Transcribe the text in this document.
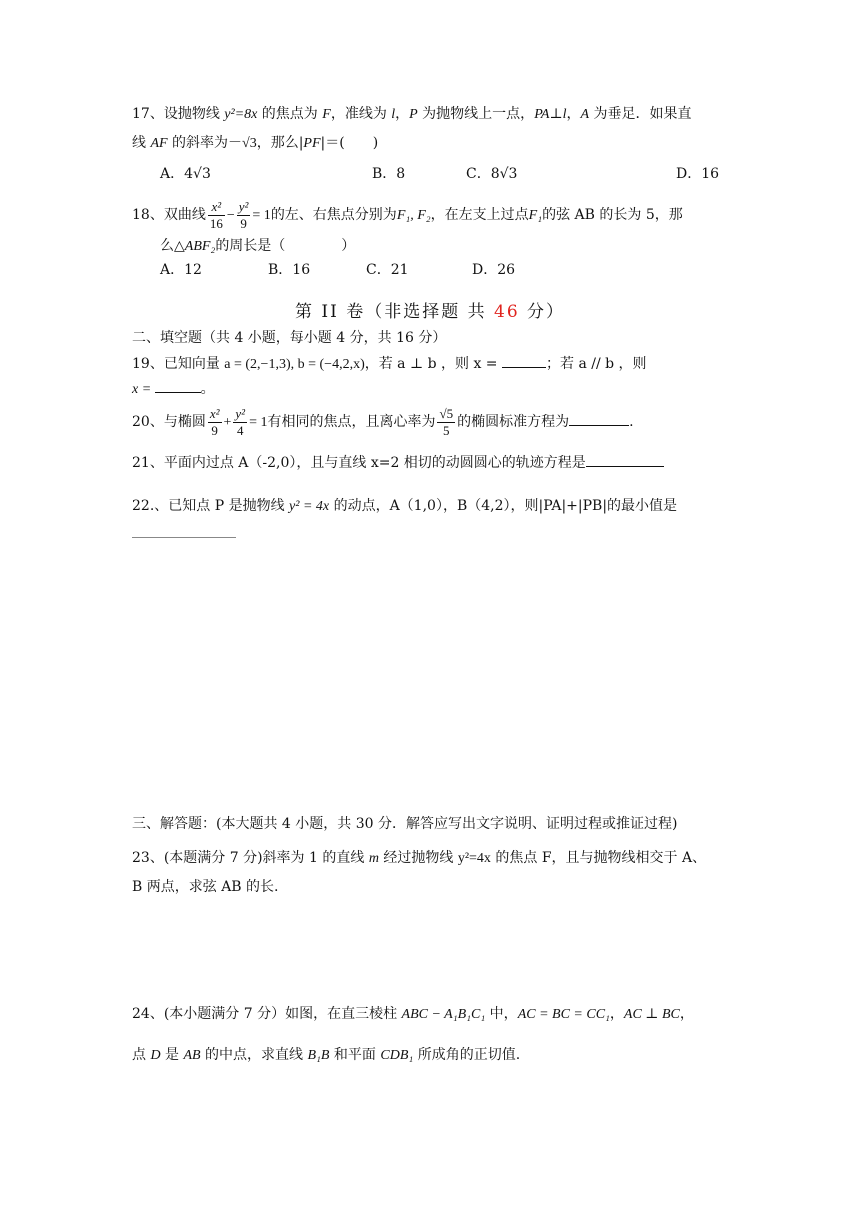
17、设抛物线 y²=8x 的焦点为 F，准线为 l，P 为抛物线上一点，PA⊥l，A 为垂足．如果直
线 AF 的斜率为－√3，那么|PF|＝(　　)
A．4√3	B．8	C．8√3	D．16
18、双曲线 $\frac{\text{x²}}{16} - \frac{\text{y²}}{9} = 1$的左、右焦点分别为F₁, F₂，在左支上过点F₁的弦 AB 的长为 5，那
么△ABF₂的周长是（　　　　）
A．12	B．16	C．21	D．26
第 II 卷（非选择题 共 46 分）
二、填空题（共 4 小题，每小题 4 分，共 16 分）
19、已知向量 a = (2,−1,3), b = (−4,2,x)，若 a ⊥ b ，则 x =	；若 a // b ，则
x =	。
20、与椭圆 $\frac{\text{x²}}{9} + \frac{\text{y²}}{4} = 1$有相同的焦点，且离心率为 $\frac{√5}{5}$ 的椭圆标准方程为	.
21、平面内过点 A（-2,0），且与直线 x=2 相切的动圆圆心的轨迹方程是
22.、已知点 P 是抛物线 y² = 4x 的动点，A（1,0），B（4,2），则|PA|+|PB|的最小值是
三、解答题：(本大题共 4 小题，共 30 分．解答应写出文字说明、证明过程或推证过程)
23、(本题满分 7 分)斜率为 1 的直线 m 经过抛物线 y²=4x 的焦点 F，且与抛物线相交于 A、
B 两点，求弦 AB 的长.
24、(本小题满分 7 分）如图，在直三棱柱 ABC − A₁B₁C₁ 中，AC = BC = CC₁，AC ⊥ BC，
点 D 是 AB 的中点，求直线 B₁B 和平面 CDB₁ 所成角的正切值.
